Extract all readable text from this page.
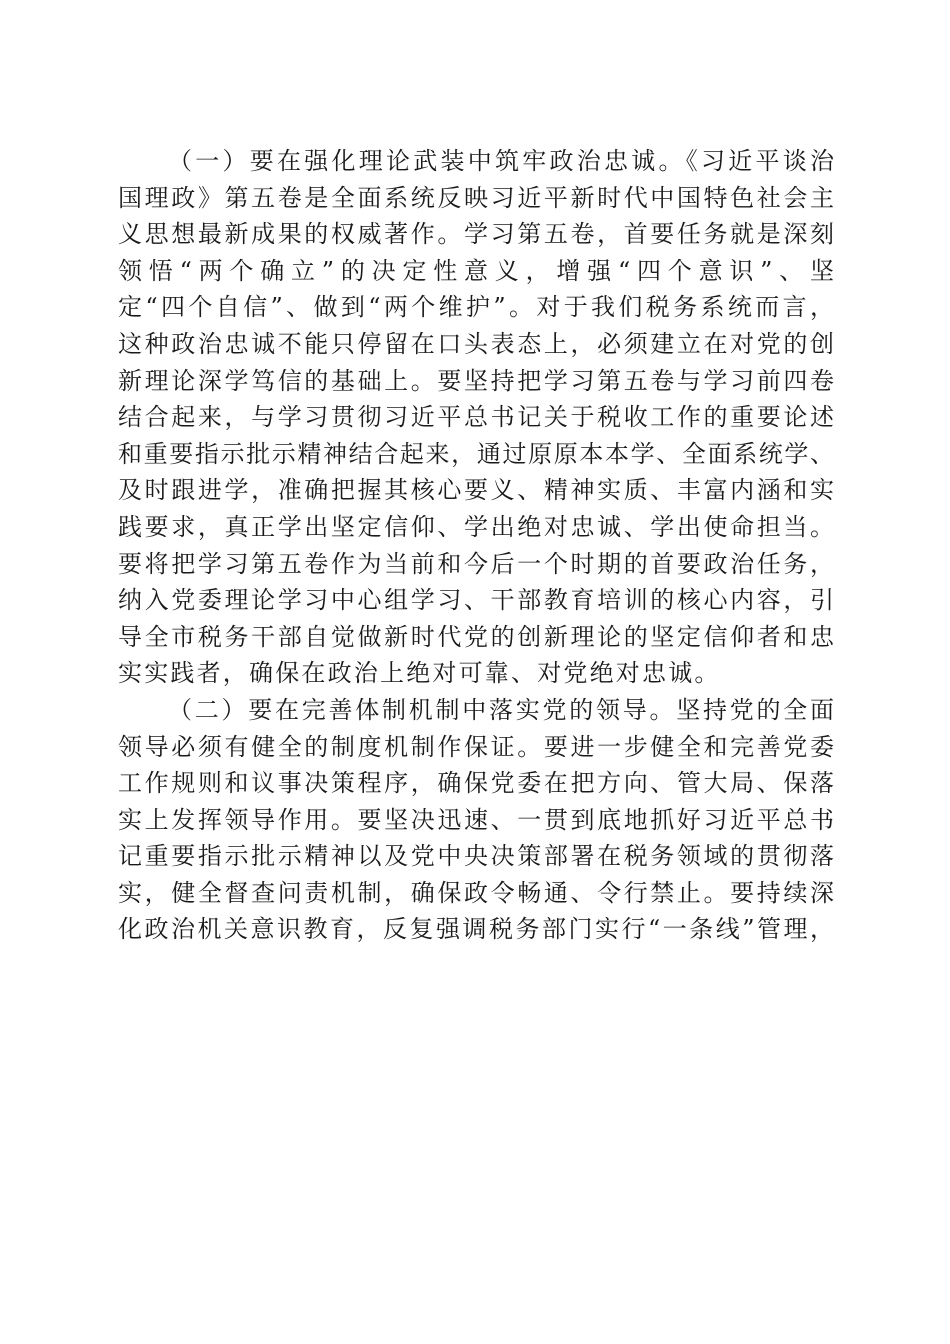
（一）要在强化理论武装中筑牢政治忠诚。《习近平谈治
国理政》第五卷是全面系统反映习近平新时代中国特色社会主
义思想最新成果的权威著作。学习第五卷，首要任务就是深刻
领悟“两个确立”的决定性意义，增强“四个意识”、坚
定“四个自信”、做到“两个维护”。对于我们税务系统而言，
这种政治忠诚不能只停留在口头表态上，必须建立在对党的创
新理论深学笃信的基础上。要坚持把学习第五卷与学习前四卷
结合起来，与学习贯彻习近平总书记关于税收工作的重要论述
和重要指示批示精神结合起来，通过原原本本学、全面系统学、
及时跟进学，准确把握其核心要义、精神实质、丰富内涵和实
践要求，真正学出坚定信仰、学出绝对忠诚、学出使命担当。
要将把学习第五卷作为当前和今后一个时期的首要政治任务，
纳入党委理论学习中心组学习、干部教育培训的核心内容，引
导全市税务干部自觉做新时代党的创新理论的坚定信仰者和忠
实实践者，确保在政治上绝对可靠、对党绝对忠诚。
（二）要在完善体制机制中落实党的领导。坚持党的全面
领导必须有健全的制度机制作保证。要进一步健全和完善党委
工作规则和议事决策程序，确保党委在把方向、管大局、保落
实上发挥领导作用。要坚决迅速、一贯到底地抓好习近平总书
记重要指示批示精神以及党中央决策部署在税务领域的贯彻落
实，健全督查问责机制，确保政令畅通、令行禁止。要持续深
化政治机关意识教育，反复强调税务部门实行“一条线”管理，
